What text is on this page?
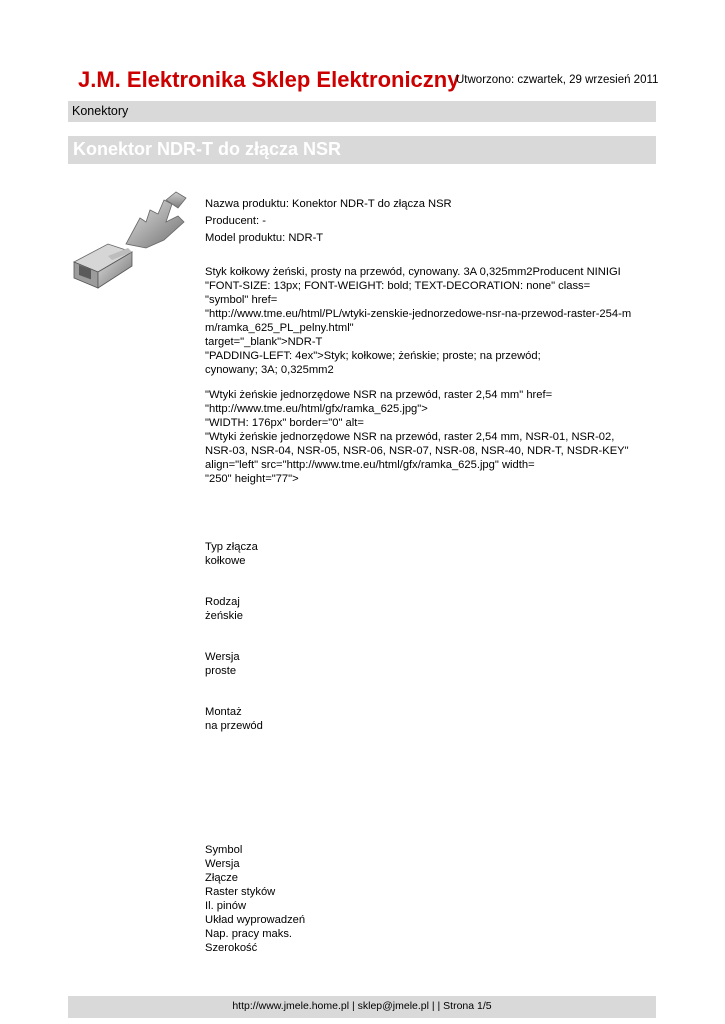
J.M. Elektronika Sklep Elektroniczny
Utworzono: czwartek, 29 wrzesień 2011
Konektory
Konektor NDR-T do złącza NSR
Nazwa produktu: Konektor NDR-T do złącza NSR
Producent: -
Model produktu: NDR-T
Styk kołkowy żeński, prosty na przewód, cynowany. 3A 0,325mm2Producent NINIGI
"FONT-SIZE: 13px; FONT-WEIGHT: bold; TEXT-DECORATION: none" class=
"symbol" href=
"http://www.tme.eu/html/PL/wtyki-zenskie-jednorzedowe-nsr-na-przewod-raster-254-m
m/ramka_625_PL_pelny.html"
target="_blank">NDR-T
"PADDING-LEFT: 4ex">Styk; kołkowe; żeńskie; proste; na przewód;
cynowany; 3A; 0,325mm2
"Wtyki żeńskie jednorzędowe NSR na przewód, raster 2,54 mm" href=
"http://www.tme.eu/html/gfx/ramka_625.jpg">
"WIDTH: 176px" border="0" alt=
"Wtyki żeńskie jednorzędowe NSR na przewód, raster 2,54 mm, NSR-01, NSR-02,
NSR-03, NSR-04, NSR-05, NSR-06, NSR-07, NSR-08, NSR-40, NDR-T, NSDR-KEY"
align="left" src="http://www.tme.eu/html/gfx/ramka_625.jpg" width=
"250" height="77">
Typ złącza
kołkowe
Rodzaj
żeńskie
Wersja
proste
Montaż
na przewód
Symbol
Wersja
Złącze
Raster styków
Il. pinów
Układ wyprowadzeń
Nap. pracy maks.
Szerokość
http://www.jmele.home.pl | sklep@jmele.pl | | Strona 1/5
